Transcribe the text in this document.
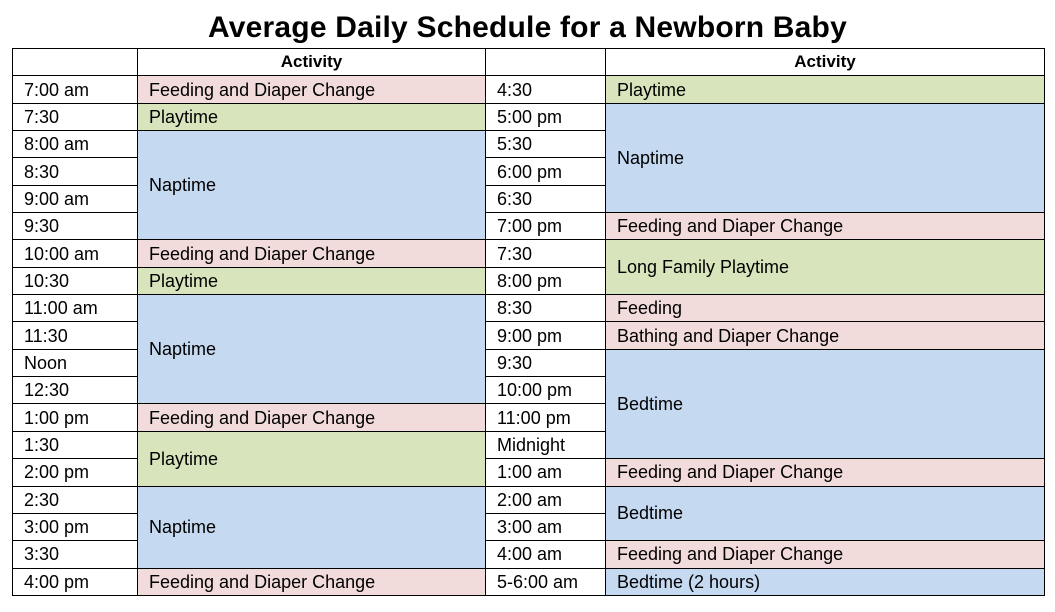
Average Daily Schedule for a Newborn Baby
	Activity		Activity
7:00 am	Feeding and Diaper Change	4:30	Playtime
7:30	Playtime	5:00 pm	Naptime
8:00 am	Naptime	5:30	
8:30		6:00 pm	
9:00 am		6:30	
9:30		7:00 pm	Feeding and Diaper Change
10:00 am	Feeding and Diaper Change	7:30	Long Family Playtime
10:30	Playtime	8:00 pm	
11:00 am	Naptime	8:30	Feeding
11:30		9:00 pm	Bathing and Diaper Change
Noon		9:30	Bedtime
12:30		10:00 pm	
1:00 pm	Feeding and Diaper Change	11:00 pm	
1:30	Playtime	Midnight	
2:00 pm		1:00 am	Feeding and Diaper Change
2:30	Naptime	2:00 am	Bedtime
3:00 pm		3:00 am	
3:30		4:00 am	Feeding and Diaper Change
4:00 pm	Feeding and Diaper Change	5-6:00 am	Bedtime (2 hours)
